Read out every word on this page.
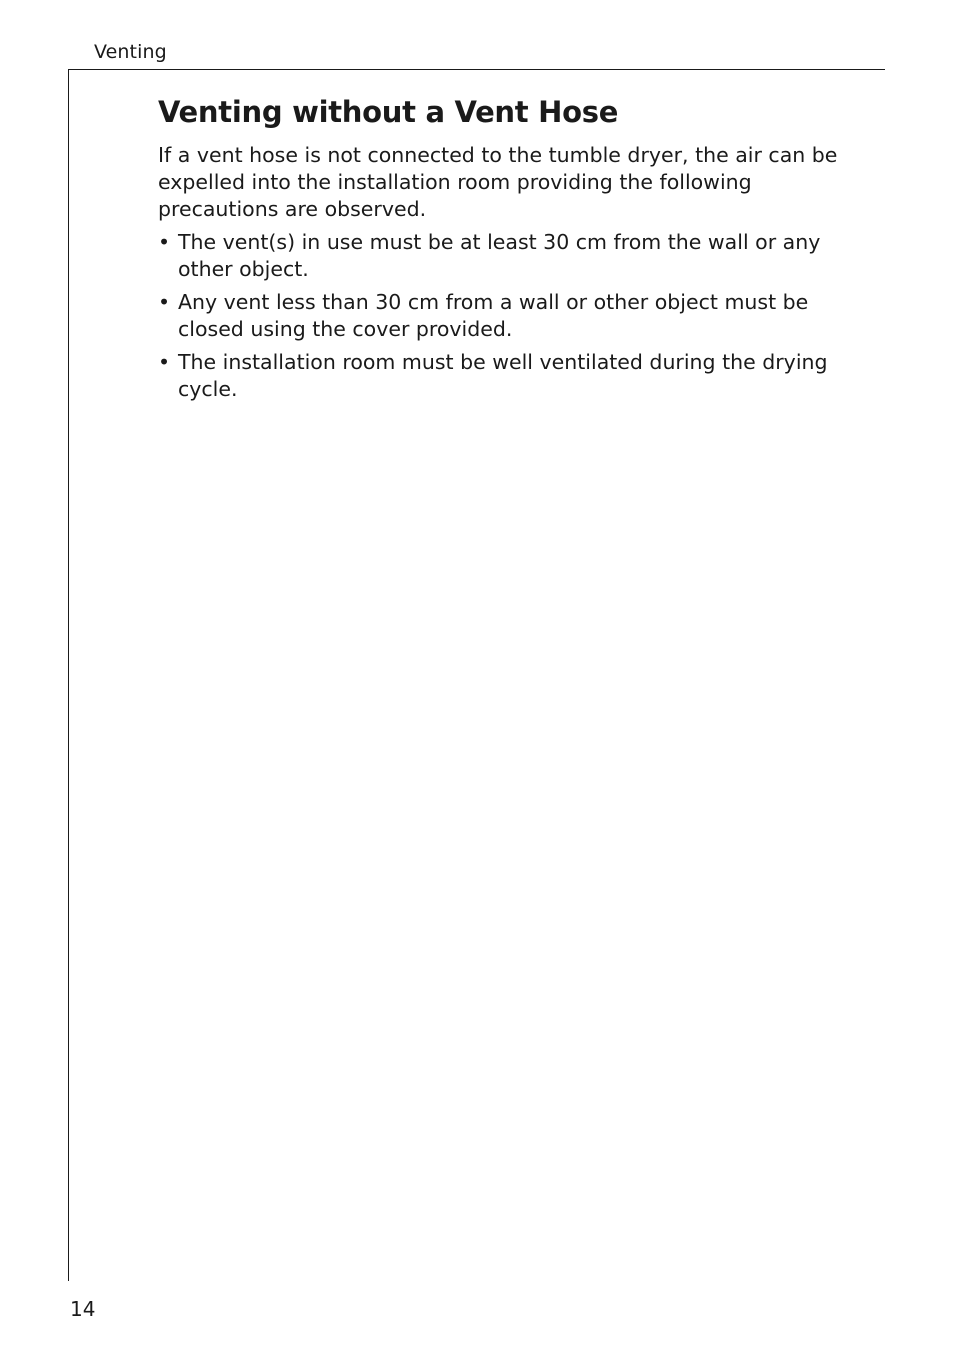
Venting
Venting without a Vent Hose

If a vent hose is not connected to the tumble dryer, the air can be expelled into the installation room providing the following precautions are observed.

• The vent(s) in use must be at least 30 cm from the wall or any other object.
• Any vent less than 30 cm from a wall or other object must be closed using the cover provided.
• The installation room must be well ventilated during the drying cycle.
14
